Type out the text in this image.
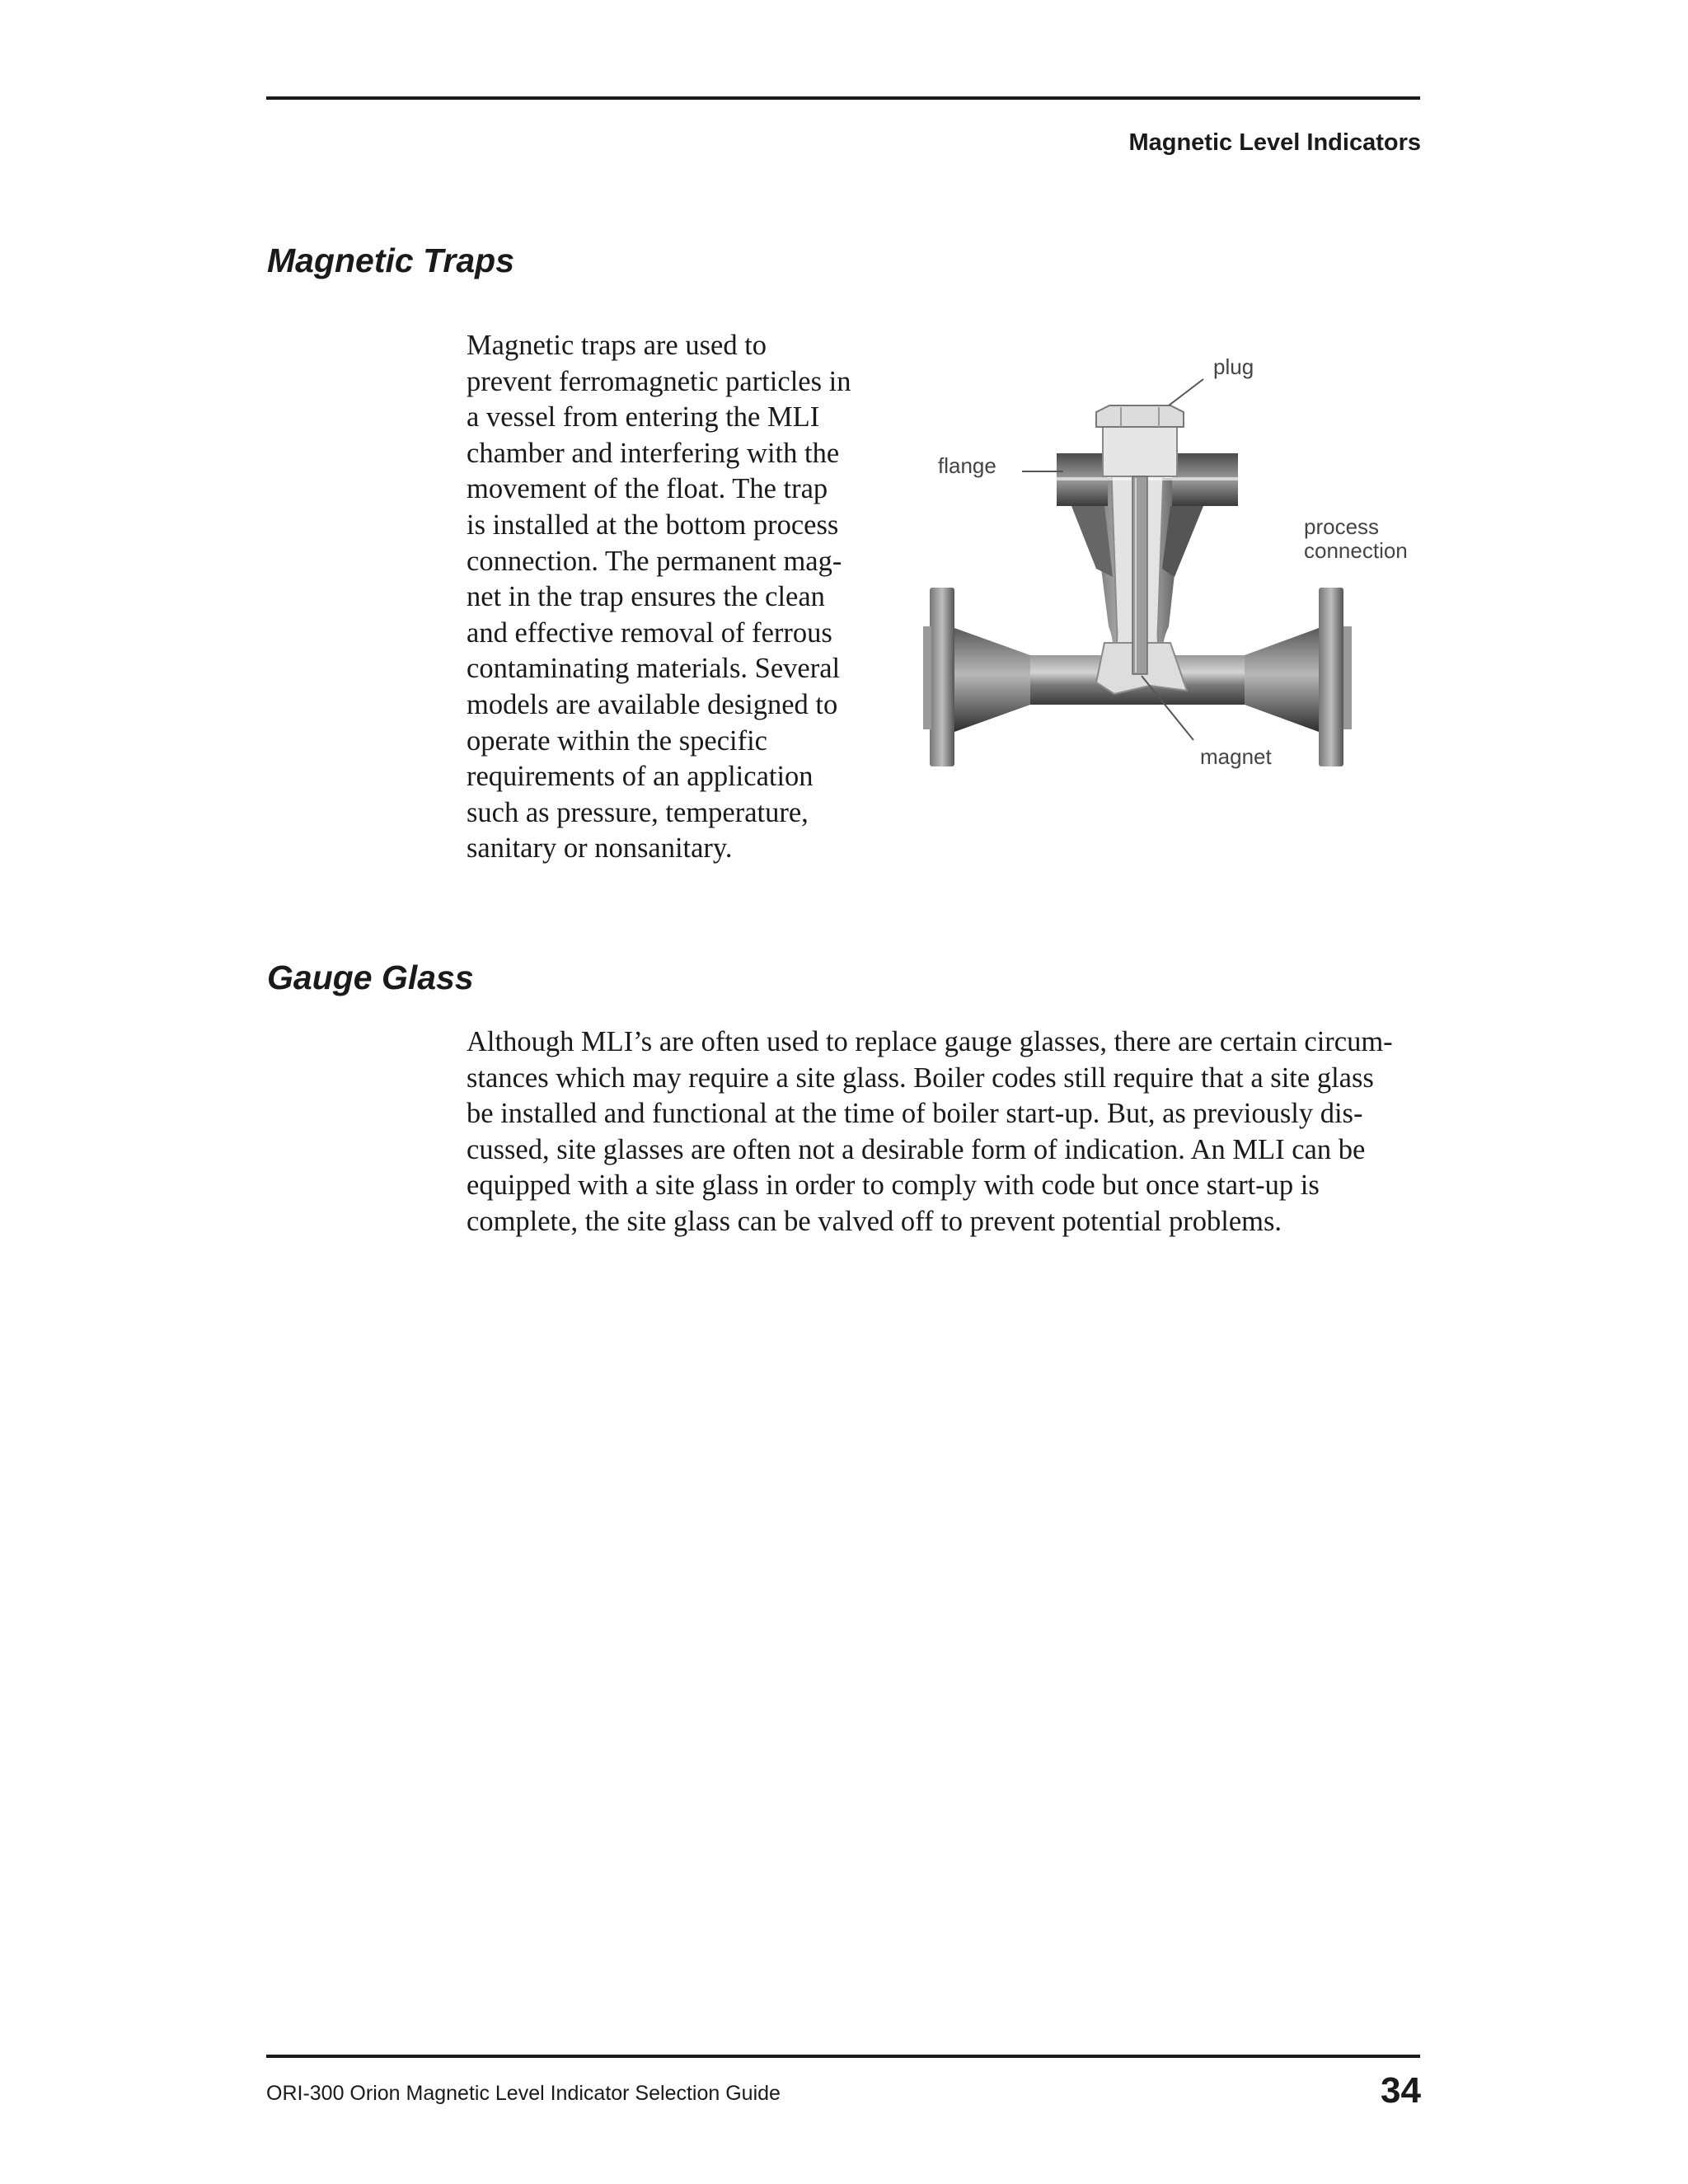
Magnetic Level Indicators
Magnetic Traps
Magnetic traps are used to
prevent ferromagnetic particles in
a vessel from entering the MLI
chamber and interfering with the
movement of the float. The trap
is installed at the bottom process
connection. The permanent mag-
net in the trap ensures the clean
and effective removal of ferrous
contaminating materials. Several
models are available designed to
operate within the specific
requirements of an application
such as pressure, temperature,
sanitary or nonsanitary.
plug
flange
process
connection
magnet
Gauge Glass
Although MLI’s are often used to replace gauge glasses, there are certain circum-
stances which may require a site glass. Boiler codes still require that a site glass
be installed and functional at the time of boiler start-up. But, as previously dis-
cussed, site glasses are often not a desirable form of indication. An MLI can be
equipped with a site glass in order to comply with code but once start-up is
complete, the site glass can be valved off to prevent potential problems.
ORI-300 Orion Magnetic Level Indicator Selection Guide	34
